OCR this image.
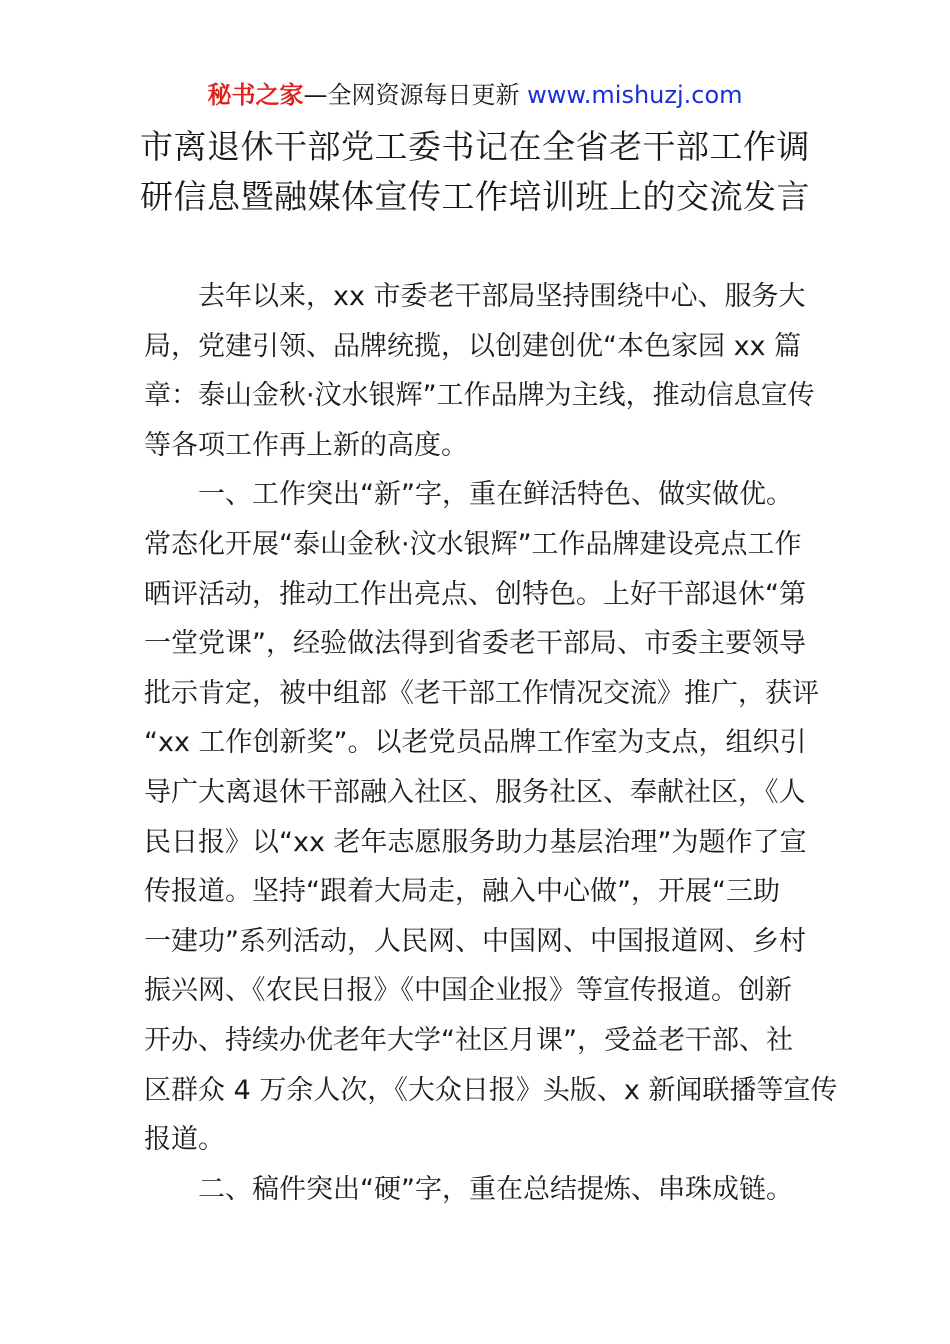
秘书之家—全网资源每日更新 www.mishuzj.com
市离退休干部党工委书记在全省老干部工作调
研信息暨融媒体宣传工作培训班上的交流发言
去年以来，xx 市委老干部局坚持围绕中心、服务大
局，党建引领、品牌统揽，以创建创优“本色家园 xx 篇
章：泰山金秋·汶水银辉”工作品牌为主线，推动信息宣传
等各项工作再上新的高度。
一、工作突出“新”字，重在鲜活特色、做实做优。
常态化开展“泰山金秋·汶水银辉”工作品牌建设亮点工作
晒评活动，推动工作出亮点、创特色。上好干部退休“第
一堂党课”，经验做法得到省委老干部局、市委主要领导
批示肯定，被中组部《老干部工作情况交流》推广，获评
“xx 工作创新奖”。以老党员品牌工作室为支点，组织引
导广大离退休干部融入社区、服务社区、奉献社区，《人
民日报》以“xx 老年志愿服务助力基层治理”为题作了宣
传报道。坚持“跟着大局走，融入中心做”，开展“三助
一建功”系列活动，人民网、中国网、中国报道网、乡村
振兴网、《农民日报》《中国企业报》等宣传报道。创新
开办、持续办优老年大学“社区月课”，受益老干部、社
区群众 4 万余人次，《大众日报》头版、x 新闻联播等宣传
报道。
二、稿件突出“硬”字，重在总结提炼、串珠成链。
